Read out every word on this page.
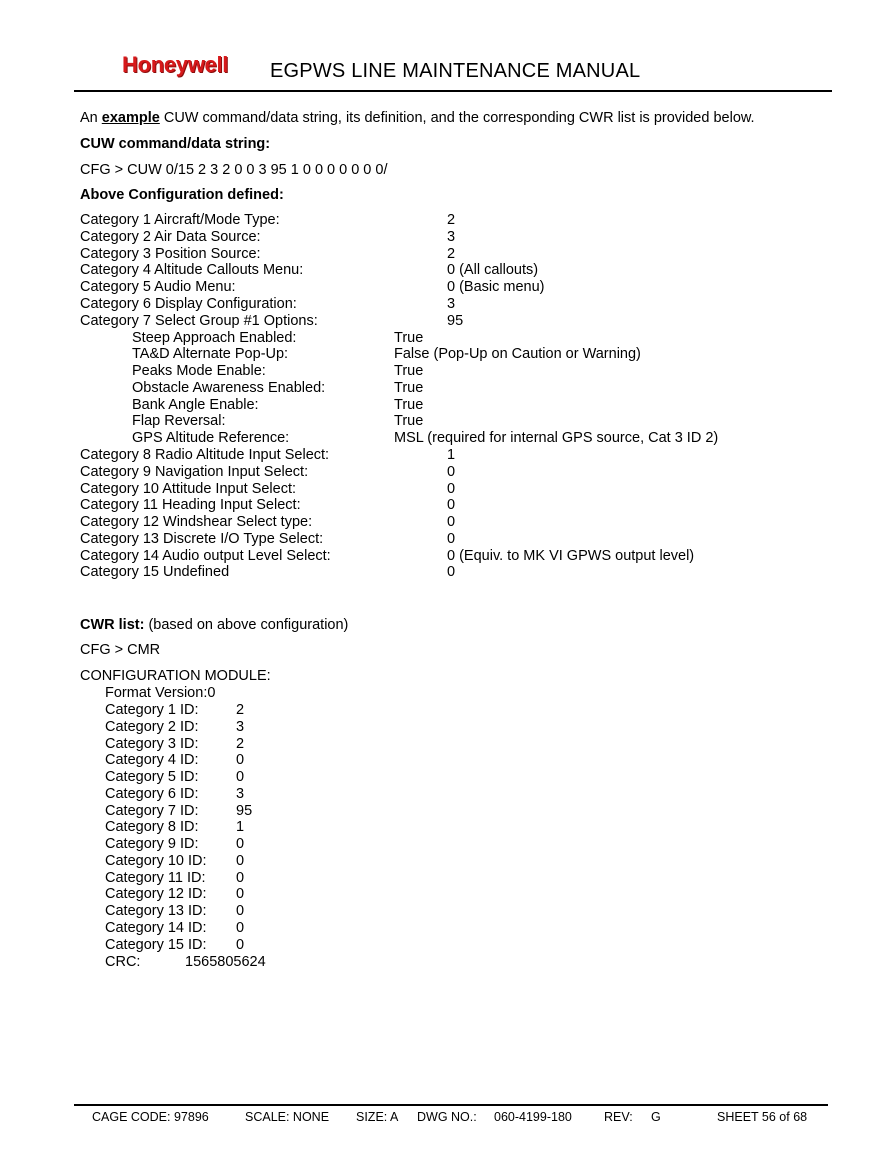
Honeywell EGPWS LINE MAINTENANCE MANUAL
An example CUW command/data string, its definition, and the corresponding CWR list is provided below.
CUW command/data string:
CFG > CUW 0/15 2 3 2 0 0 3 95 1 0 0 0 0 0 0 0/
Above Configuration defined:
Category 1 Aircraft/Mode Type:	2
Category 2 Air Data Source:	3
Category 3 Position Source:	2
Category 4 Altitude Callouts Menu:	0 (All callouts)
Category 5 Audio Menu:	0 (Basic menu)
Category 6 Display Configuration:	3
Category 7 Select Group #1 Options:	95
Steep Approach Enabled:	True
TA&D Alternate Pop-Up:	False (Pop-Up on Caution or Warning)
Peaks Mode Enable:	True
Obstacle Awareness Enabled:	True
Bank Angle Enable:	True
Flap Reversal:	True
GPS Altitude Reference:	MSL (required for internal GPS source, Cat 3 ID 2)
Category 8 Radio Altitude Input Select:	1
Category 9 Navigation Input Select:	0
Category 10 Attitude Input Select:	0
Category 11 Heading Input Select:	0
Category 12 Windshear Select type:	0
Category 13 Discrete I/O Type Select:	0
Category 14 Audio output Level Select:	0 (Equiv. to MK VI GPWS output level)
Category 15 Undefined	0
CWR list: (based on above configuration)
CFG > CMR
CONFIGURATION MODULE:
Format Version:0
Category 1 ID:	2
Category 2 ID:	3
Category 3 ID:	2
Category 4 ID:	0
Category 5 ID:	0
Category 6 ID:	3
Category 7 ID:	95
Category 8 ID:	1
Category 9 ID:	0
Category 10 ID: 0
Category 11 ID: 0
Category 12 ID: 0
Category 13 ID: 0
Category 14 ID: 0
Category 15 ID: 0
CRC:	1565805624
CAGE CODE: 97896	SCALE: NONE SIZE: A DWG NO.: 060-4199-180	REV: G	SHEET 56 of 68
